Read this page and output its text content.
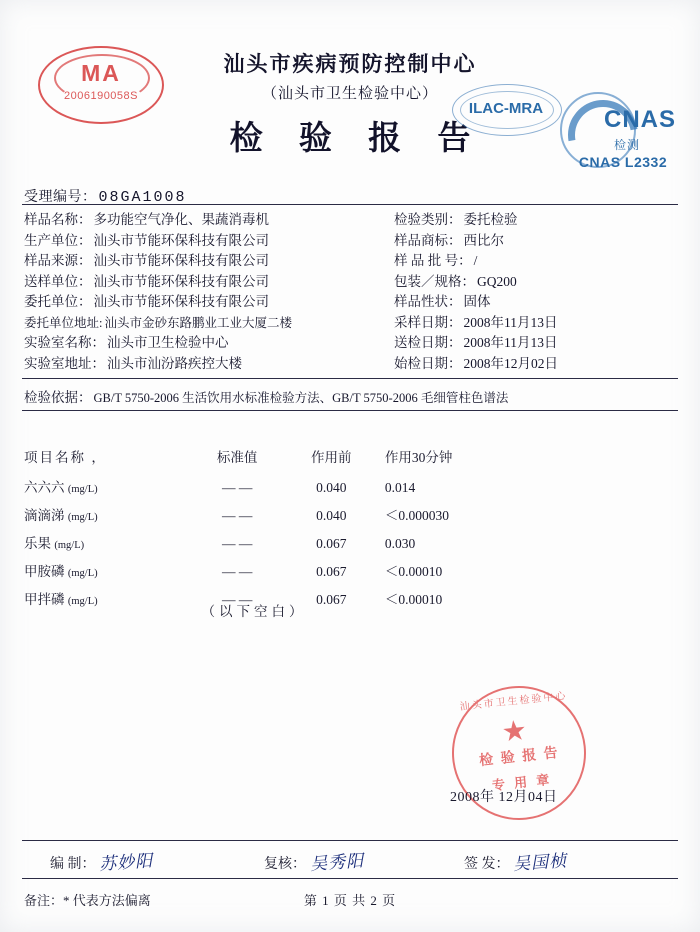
MA
2006190058S
汕头市疾病预防控制中心
（汕头市卫生检验中心）
检 验 报 告
ILAC-MRA	CNAS
检测
CNAS L2332
受理编号： 08GA1008
样品名称： 多功能空气净化、果蔬消毒机	检验类别： 委托检验
生产单位： 汕头市节能环保科技有限公司	样品商标： 西比尔
样品来源： 汕头市节能环保科技有限公司	样 品 批 号： /
送样单位： 汕头市节能环保科技有限公司	包装／规格： GQ200
委托单位： 汕头市节能环保科技有限公司	样品性状： 固体
委托单位地址: 汕头市金砂东路鹏业工业大厦二楼	采样日期： 2008年11月13日
实验室名称： 汕头市卫生检验中心	送检日期： 2008年11月13日
实验室地址： 汕头市汕汾路疾控大楼	始检日期： 2008年12月02日
检验依据： GB/T 5750-2006 生活饮用水标准检验方法、GB/T 5750-2006 毛细管柱色谱法
项目名称 ，	标准值	作用前	作用30分钟
六六六 (mg/L)	— —	0.040	0.014
滴滴涕 (mg/L)	— —	0.040	＜0.000030
乐果 (mg/L)	— —	0.067	0.030
甲胺磷 (mg/L)	— —	0.067	＜0.00010
甲拌磷 (mg/L)	— —	0.067	＜0.00010
（以下空白）
汕头市卫生检验中心
★
检 验 报 告
专 用 章
2008年 12月04日
编 制： 苏妙阳	复核： 吴秀阳	签 发： 吴国桢
备注：* 代表方法偏离	第 1 页 共 2 页
